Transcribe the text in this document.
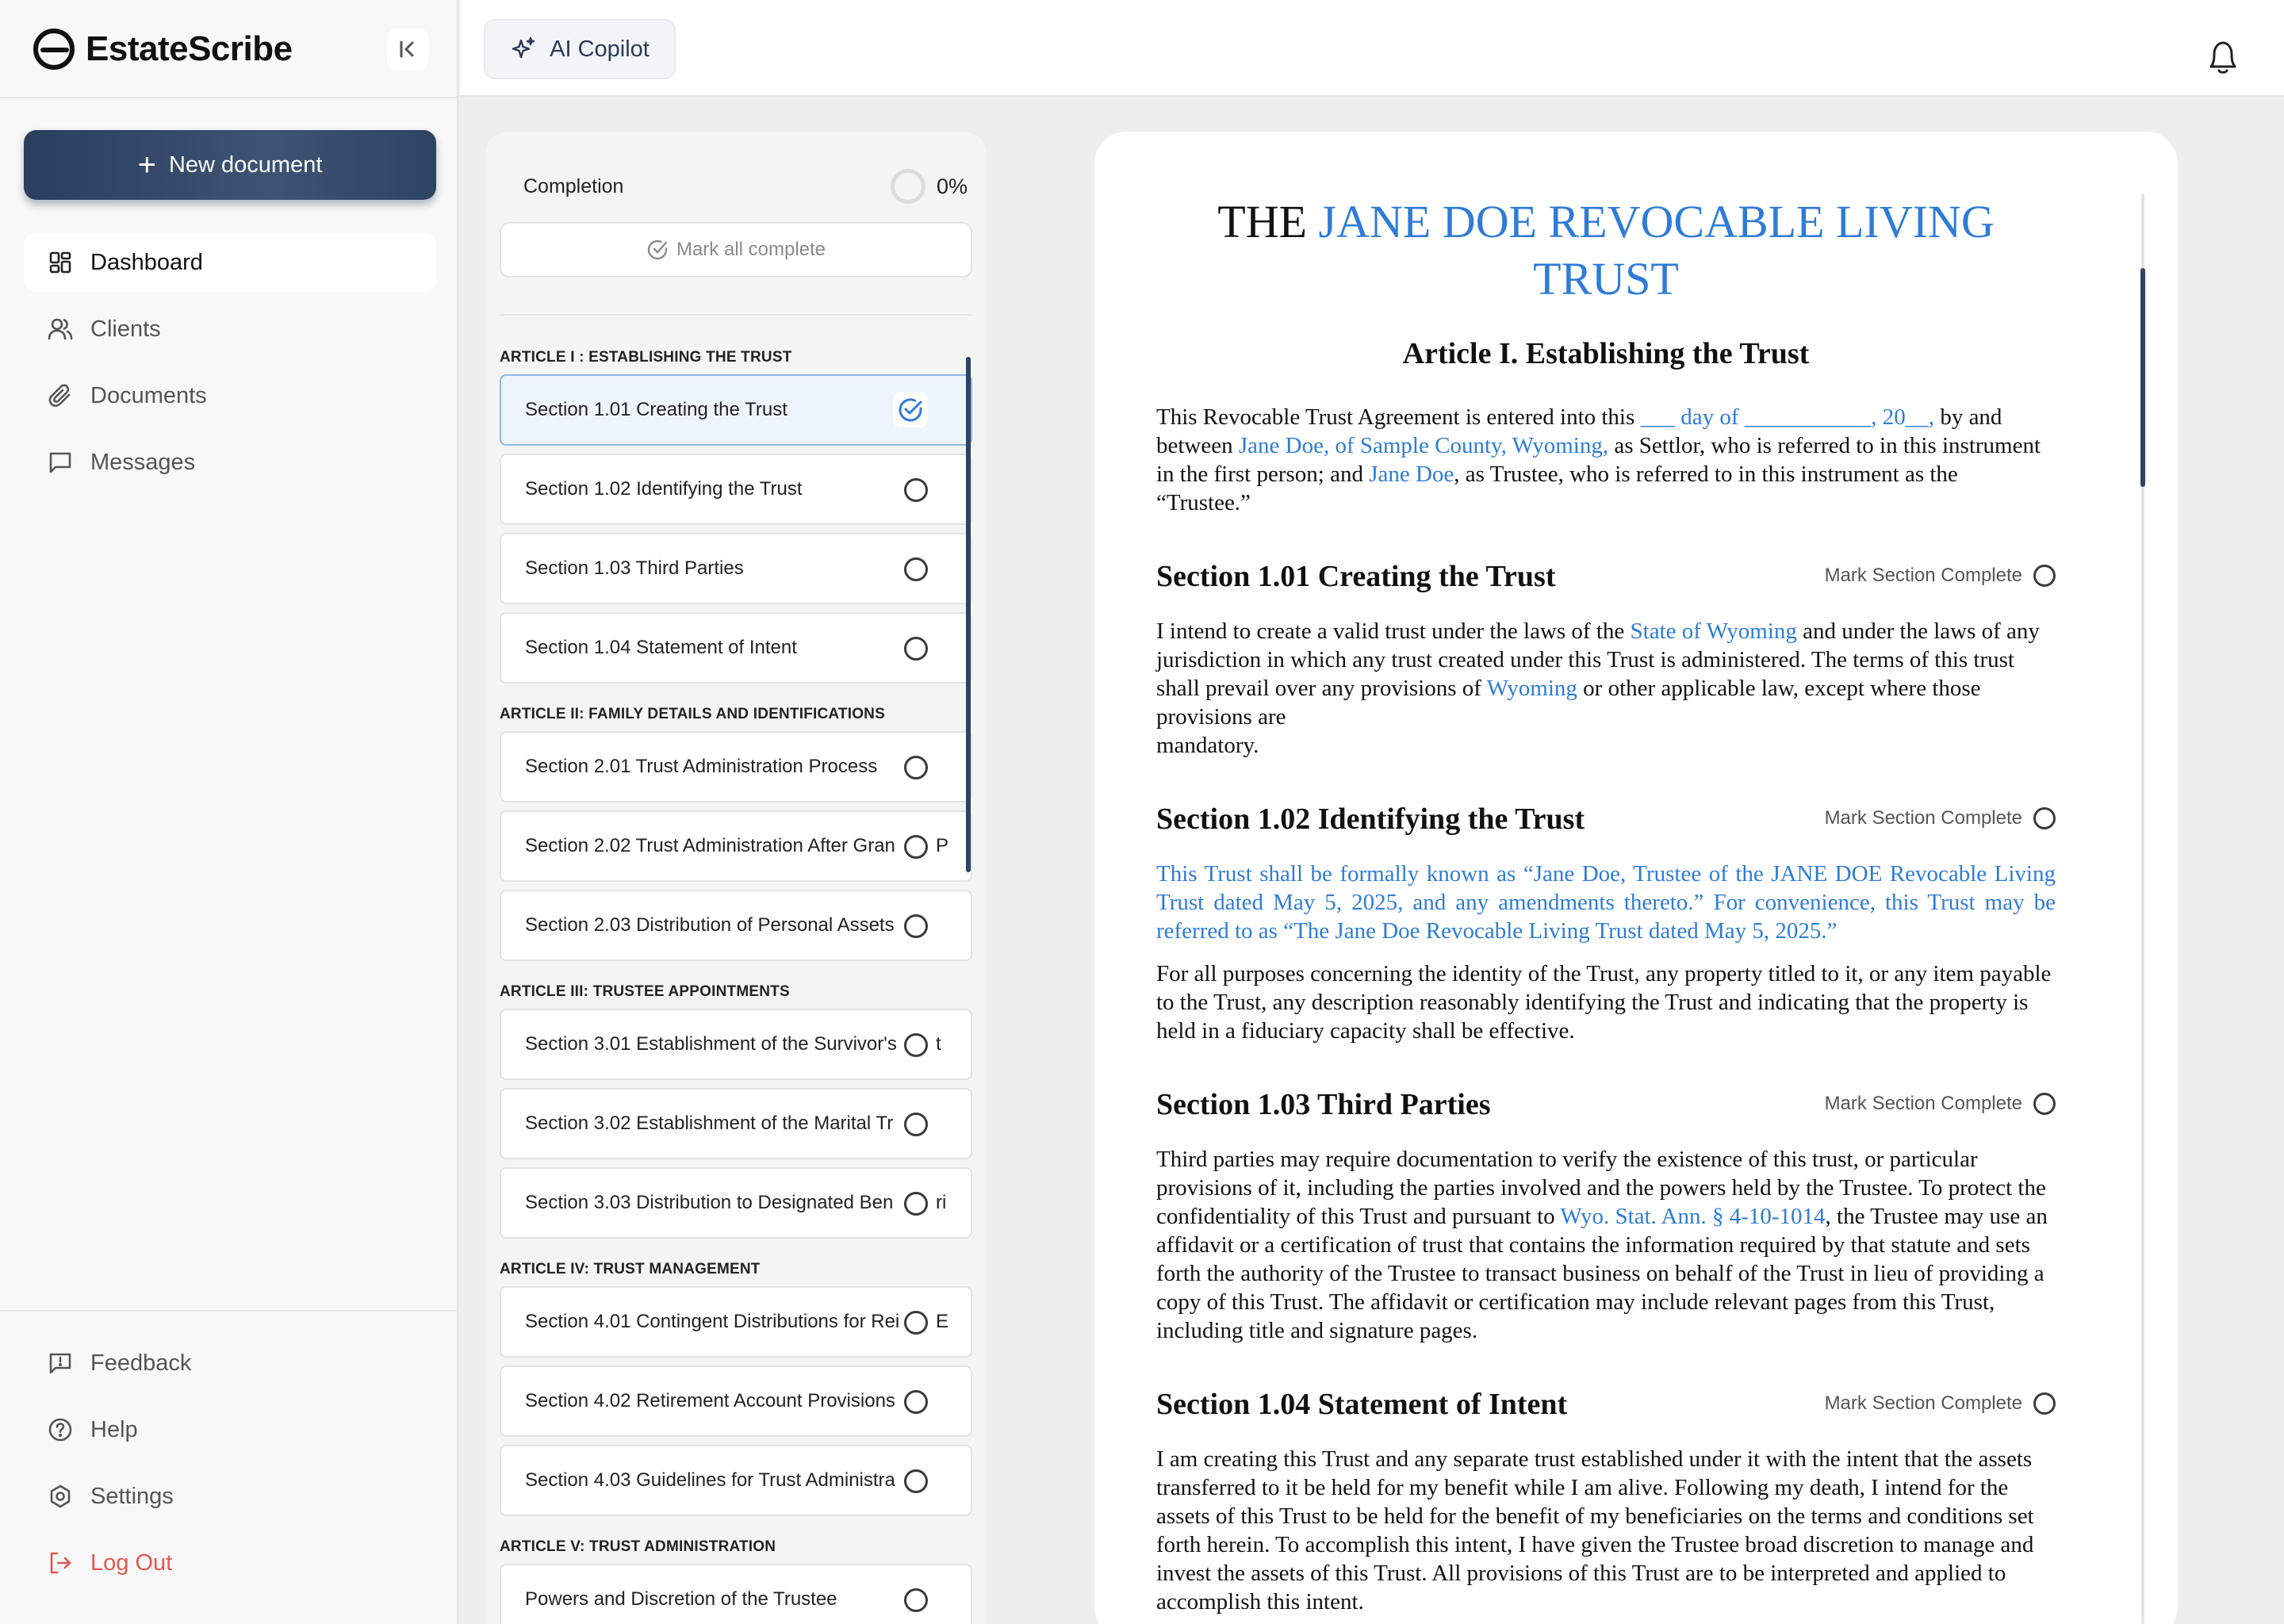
EstateScribe
+ New document
Dashboard
Clients
Documents
Messages
Feedback
Help
Settings
Log Out
AI Copilot
Completion	0%
Mark all complete
ARTICLE I : ESTABLISHING THE TRUST
Section 1.01 Creating the Trust
Section 1.02 Identifying the Trust
Section 1.03 Third Parties
Section 1.04 Statement of Intent
ARTICLE II: FAMILY DETAILS AND IDENTIFICATIONS
Section 2.01 Trust Administration Process
Section 2.02 Trust Administration After Gran	P
Section 2.03 Distribution of Personal Assets
ARTICLE III: TRUSTEE APPOINTMENTS
Section 3.01 Establishment of the Survivor's	t
Section 3.02 Establishment of the Marital Tr
Section 3.03 Distribution to Designated Ben	ri
ARTICLE IV: TRUST MANAGEMENT
Section 4.01 Contingent Distributions for Rei	E
Section 4.02 Retirement Account Provisions
Section 4.03 Guidelines for Trust Administra
ARTICLE V: TRUST ADMINISTRATION
Powers and Discretion of the Trustee
THE JANE DOE REVOCABLE LIVING TRUST
Article I. Establishing the Trust

This Revocable Trust Agreement is entered into this ___ day of ___________, 20__, by and between Jane Doe, of Sample County, Wyoming, as Settlor, who is referred to in this instrument in the first person; and Jane Doe, as Trustee, who is referred to in this instrument as the
“Trustee.”

Section 1.01 Creating the Trust	Mark Section Complete

I intend to create a valid trust under the laws of the State of Wyoming and under the laws of any jurisdiction in which any trust created under this Trust is administered. The terms of this trust shall prevail over any provisions of Wyoming or other applicable law, except where those provisions are
mandatory.

Section 1.02 Identifying the Trust	Mark Section Complete

This Trust shall be formally known as “Jane Doe, Trustee of the JANE DOE Revocable Living Trust dated May 5, 2025, and any amendments thereto.” For convenience, this Trust may be referred to as “The Jane Doe Revocable Living Trust dated May 5, 2025.”

For all purposes concerning the identity of the Trust, any property titled to it, or any item payable to the Trust, any description reasonably identifying the Trust and indicating that the property is held in a fiduciary capacity shall be effective.

Section 1.03 Third Parties	Mark Section Complete

Third parties may require documentation to verify the existence of this trust, or particular provisions of it, including the parties involved and the powers held by the Trustee. To protect the confidentiality of this Trust and pursuant to Wyo. Stat. Ann. § 4-10-1014, the Trustee may use an
affidavit or a certification of trust that contains the information required by that statute and sets forth the authority of the Trustee to transact business on behalf of the Trust in lieu of providing a copy of this Trust. The affidavit or certification may include relevant pages from this Trust, including title and signature pages.

Section 1.04 Statement of Intent	Mark Section Complete

I am creating this Trust and any separate trust established under it with the intent that the assets transferred to it be held for my benefit while I am alive. Following my death, I intend for the assets of this Trust to be held for the benefit of my beneficiaries on the terms and conditions set forth herein. To accomplish this intent, I have given the Trustee broad discretion to manage and invest the assets of this Trust. All provisions of this Trust are to be interpreted and applied to accomplish this intent.
